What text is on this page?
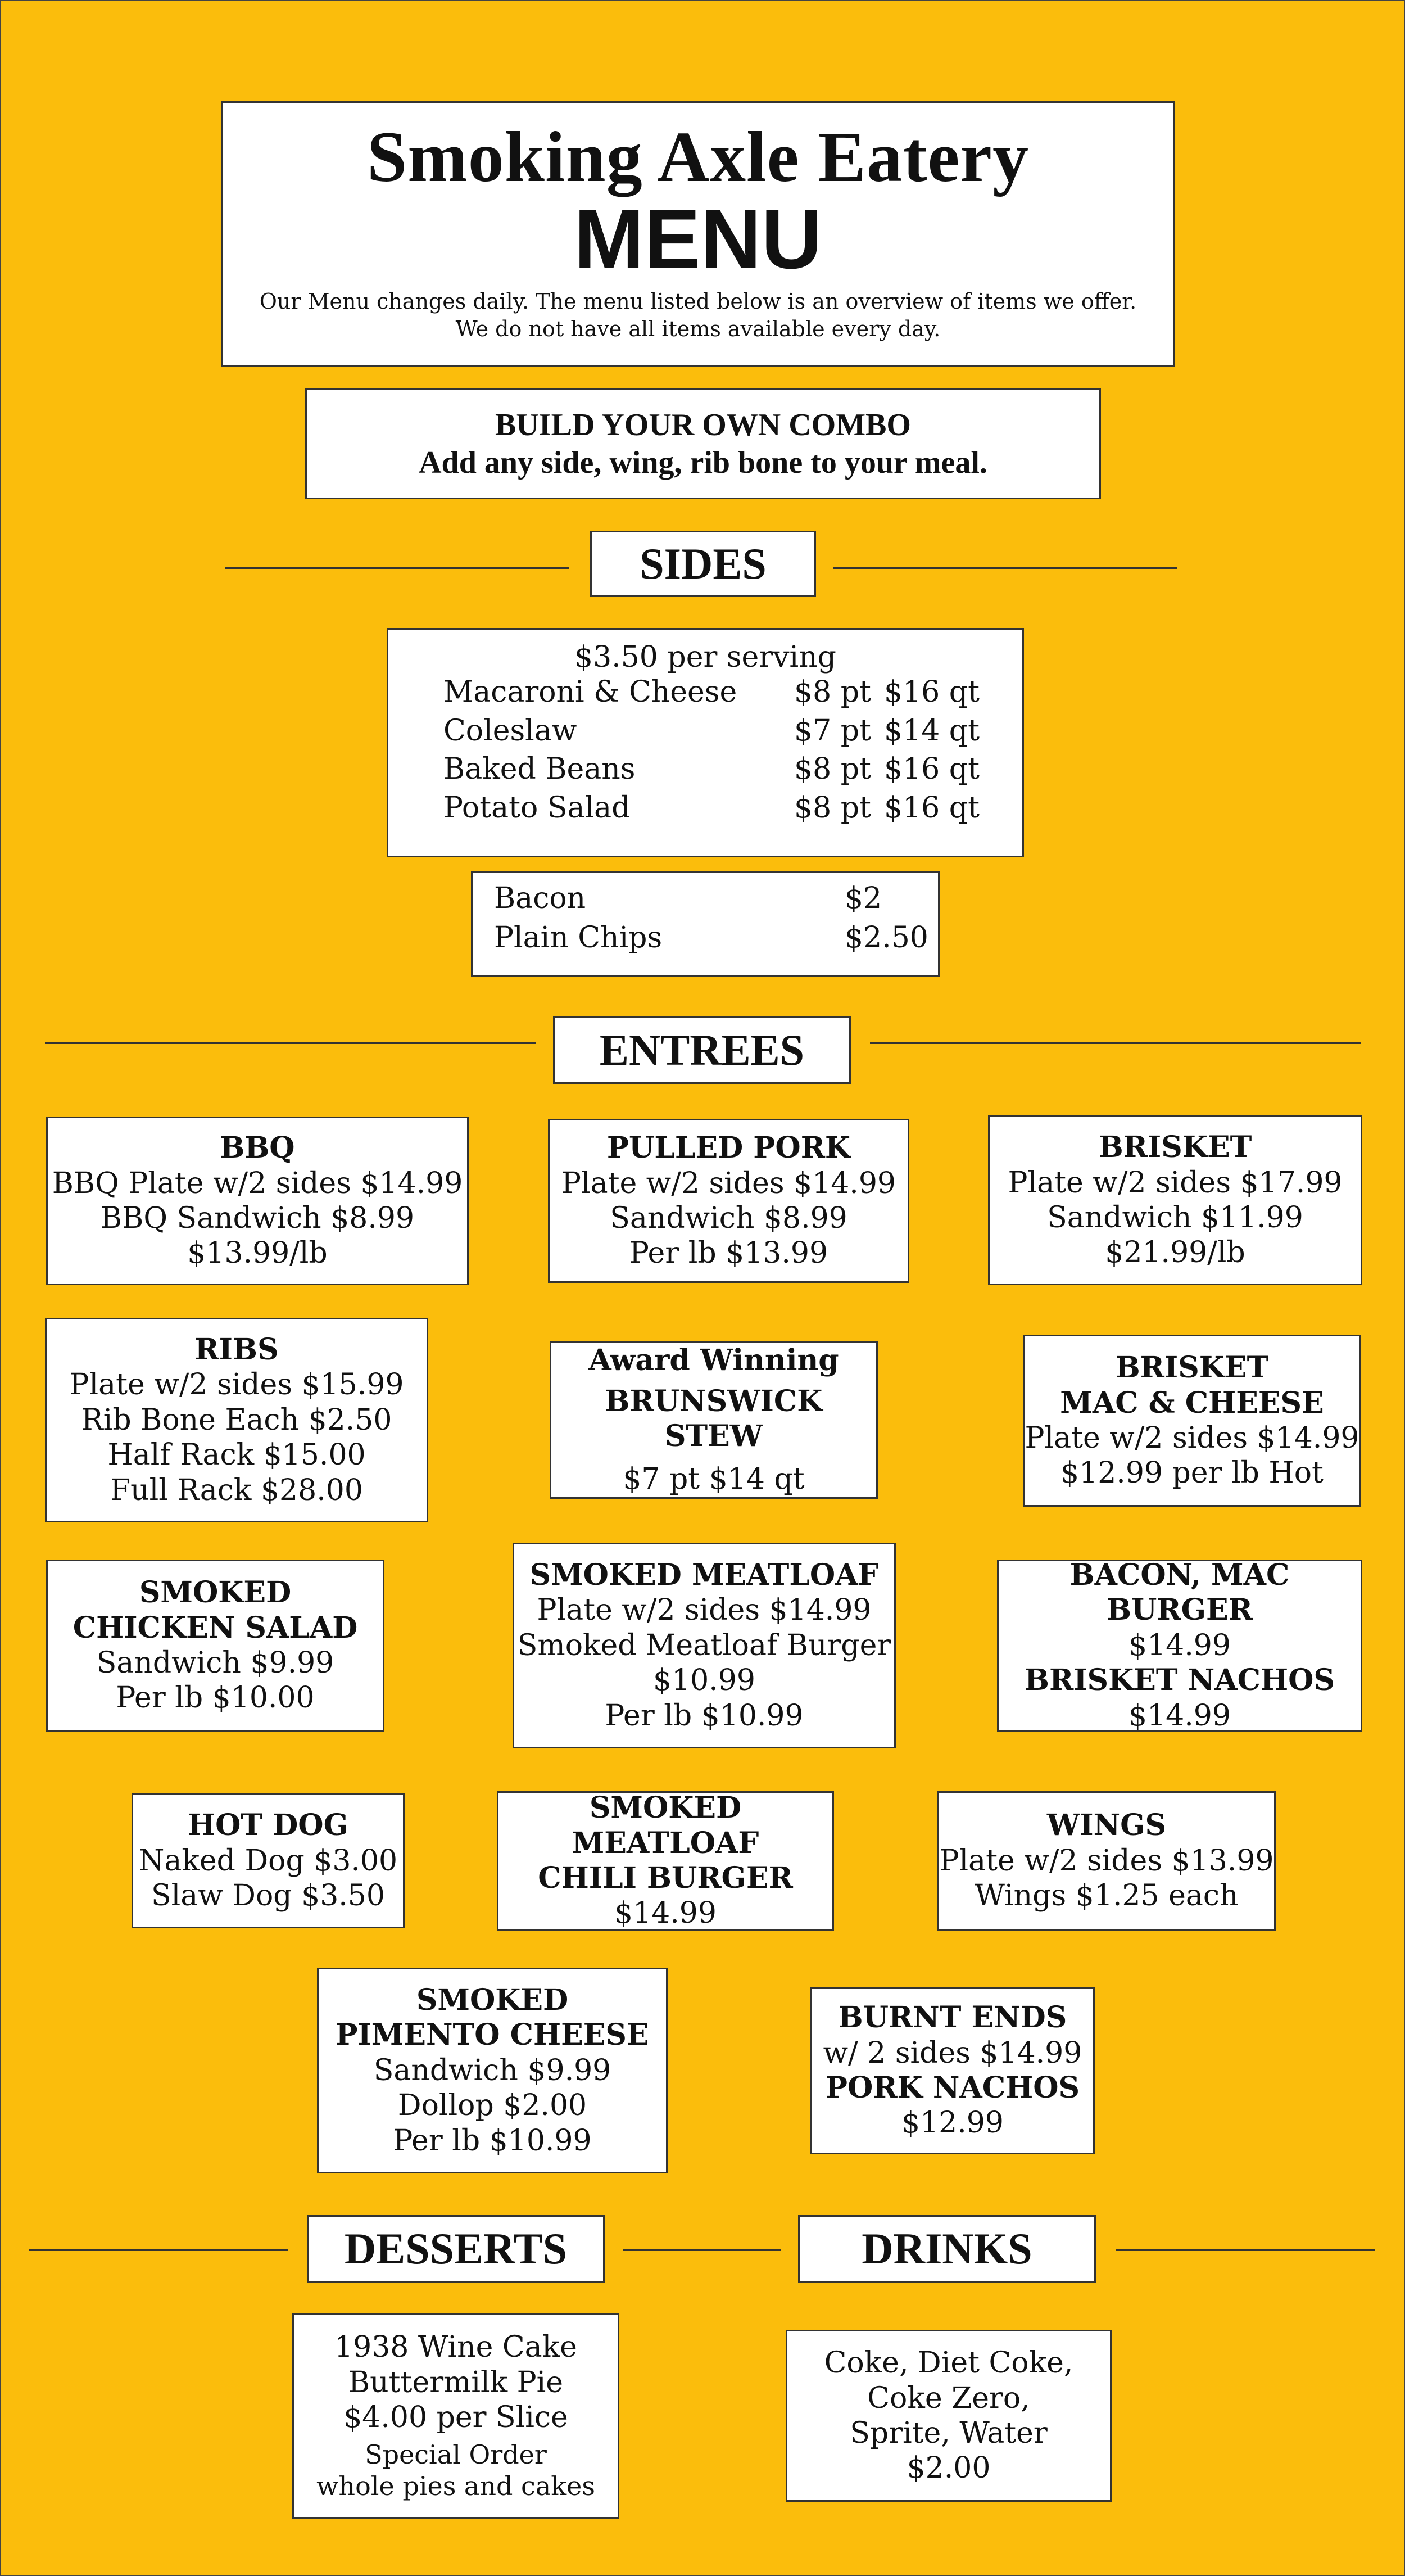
Smoking Axle Eatery
MENU
Our Menu changes daily. The menu listed below is an overview of items we offer.
We do not have all items available every day.
BUILD YOUR OWN COMBO
Add any side, wing, rib bone to your meal.
SIDES
$3.50 per serving
Macaroni & Cheese	$8 pt $16 qt
Coleslaw	$7 pt $14 qt
Baked Beans	$8 pt $16 qt
Potato Salad	$8 pt $16 qt
Bacon	$2
Plain Chips	$2.50
ENTREES
BBQ
BBQ Plate w/2 sides $14.99
BBQ Sandwich $8.99
$13.99/lb
PULLED PORK
Plate w/2 sides $14.99
Sandwich $8.99
Per lb $13.99
BRISKET
Plate w/2 sides $17.99
Sandwich $11.99
$21.99/lb
RIBS
Plate w/2 sides $15.99
Rib Bone Each $2.50
Half Rack $15.00
Full Rack $28.00
Award Winning
BRUNSWICK STEW
$7 pt $14 qt
BRISKET
MAC & CHEESE
Plate w/2 sides $14.99
$12.99 per lb Hot
SMOKED
CHICKEN SALAD
Sandwich $9.99
Per lb $10.00
SMOKED MEATLOAF
Plate w/2 sides $14.99
Smoked Meatloaf Burger
$10.99
Per lb $10.99
BACON, MAC BURGER
$14.99
BRISKET NACHOS
$14.99
HOT DOG
Naked Dog $3.00
Slaw Dog $3.50
SMOKED MEATLOAF
CHILI BURGER
$14.99
WINGS
Plate w/2 sides $13.99
Wings $1.25 each
SMOKED
PIMENTO CHEESE
Sandwich $9.99
Dollop $2.00
Per lb $10.99
BURNT ENDS
w/ 2 sides $14.99
PORK NACHOS
$12.99
DESSERTS	DRINKS
1938 Wine Cake
Buttermilk Pie
$4.00 per Slice
Special Order
whole pies and cakes
Coke, Diet Coke,
Coke Zero,
Sprite, Water
$2.00
